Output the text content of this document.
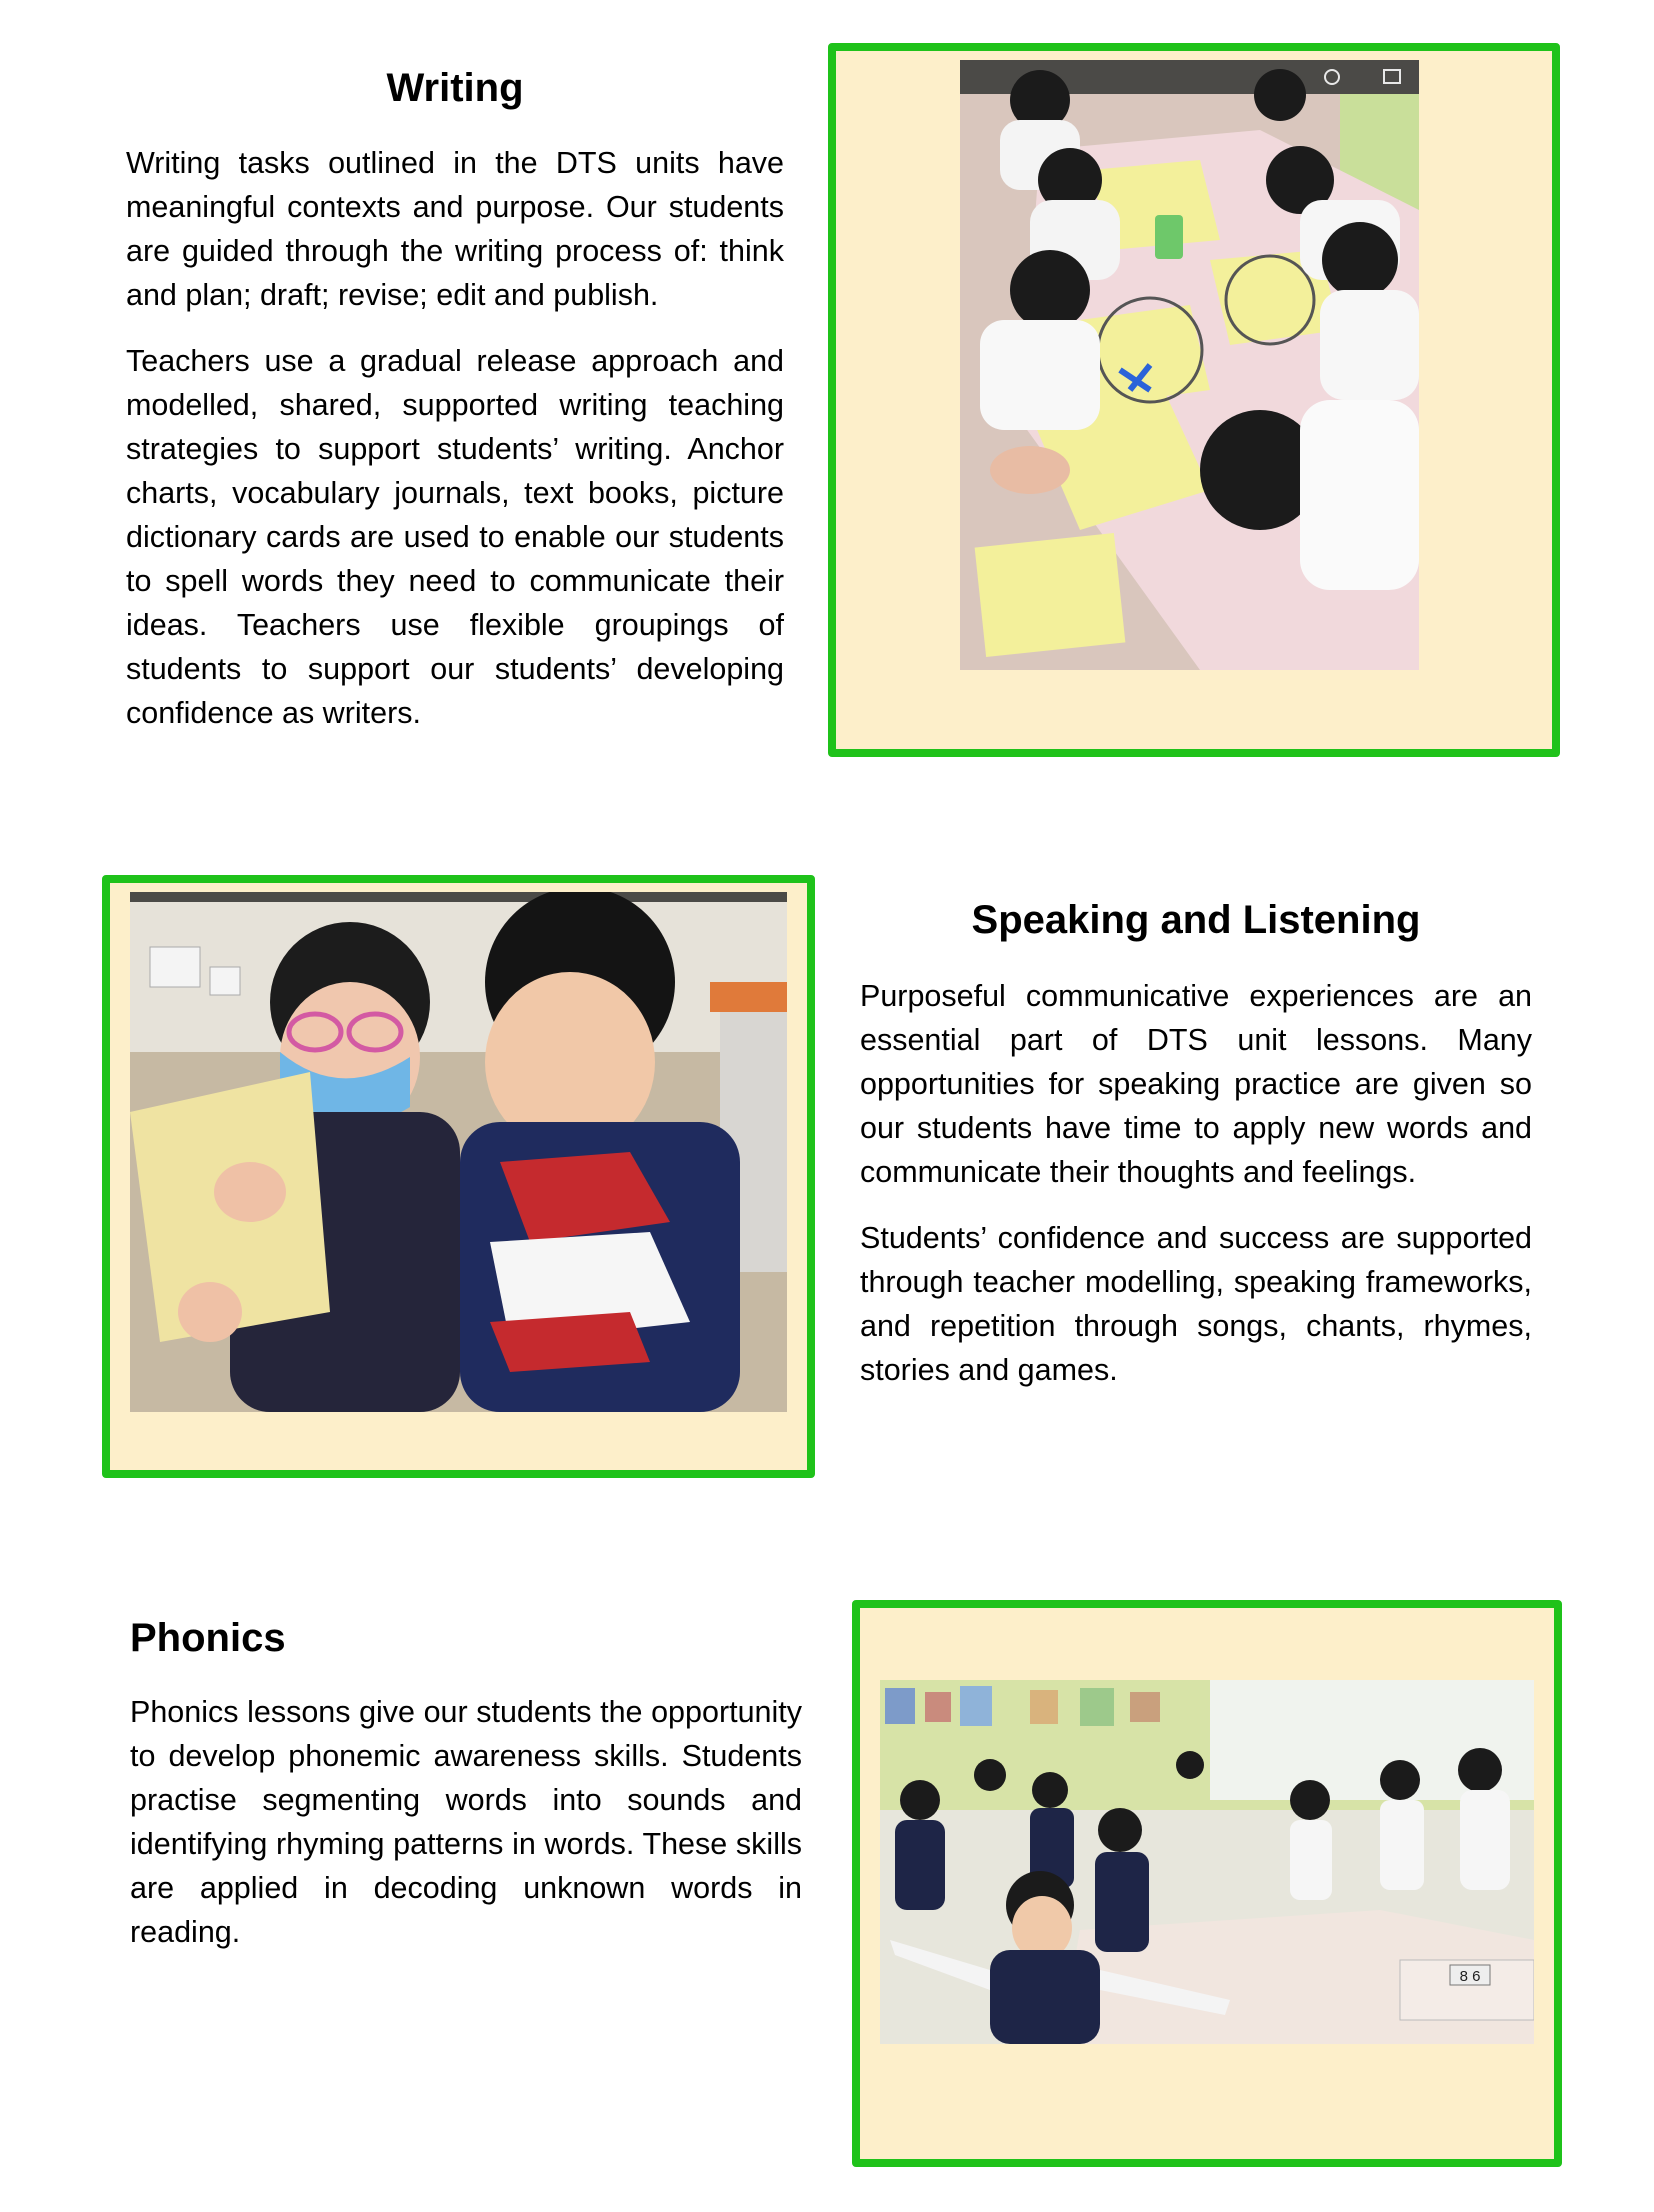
Writing

Writing tasks outlined in the DTS units have meaningful contexts and purpose. Our students are guided through the writing process of: think and plan; draft; revise; edit and publish.

Teachers use a gradual release approach and modelled, shared, supported writing teaching strategies to support students’ writing. Anchor charts, vocabulary journals, text books, picture dictionary cards are used to enable our students to spell words they need to communicate their ideas. Teachers use flexible groupings of students to support our students’ developing confidence as writers.

Speaking and Listening

Purposeful communicative experiences are an essential part of DTS unit lessons. Many opportunities for speaking practice are given so our students have time to apply new words and communicate their thoughts and feelings.

Students’ confidence and success are supported through teacher modelling, speaking frameworks, and repetition through songs, chants, rhymes, stories and games.

Phonics

Phonics lessons give our students the opportunity to develop phonemic awareness skills. Students practise segmenting words into sounds and identifying rhyming patterns in words. These skills are applied in decoding unknown words in reading.

8 6
